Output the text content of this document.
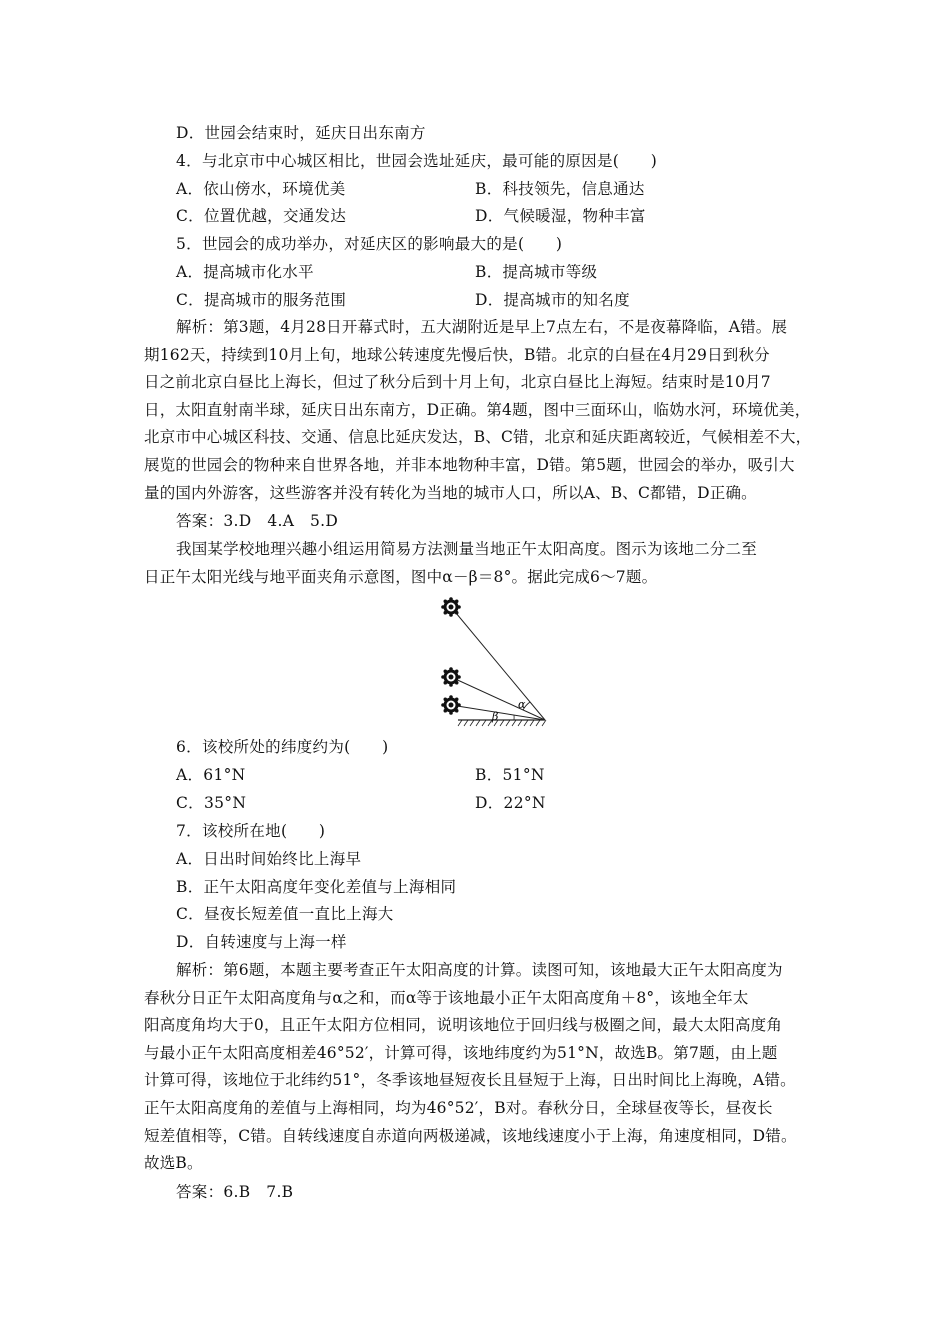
D．世园会结束时，延庆日出东南方
4．与北京市中心城区相比，世园会选址延庆，最可能的原因是(　　)
A．依山傍水，环境优美	B．科技领先，信息通达
C．位置优越，交通发达	D．气候暖湿，物种丰富
5．世园会的成功举办，对延庆区的影响最大的是(　　)
A．提高城市化水平	B．提高城市等级
C．提高城市的服务范围	D．提高城市的知名度
解析：第3题，4月28日开幕式时，五大湖附近是早上7点左右，不是夜幕降临，A错。展
期162天，持续到10月上旬，地球公转速度先慢后快，B错。北京的白昼在4月29日到秋分
日之前北京白昼比上海长，但过了秋分后到十月上旬，北京白昼比上海短。结束时是10月7
日，太阳直射南半球，延庆日出东南方，D正确。第4题，图中三面环山，临妫水河，环境优美，
北京市中心城区科技、交通、信息比延庆发达，B、C错，北京和延庆距离较近，气候相差不大，
展览的世园会的物种来自世界各地，并非本地物种丰富，D错。第5题，世园会的举办，吸引大
量的国内外游客，这些游客并没有转化为当地的城市人口，所以A、B、C都错，D正确。
答案：3.D　4.A　5.D
我国某学校地理兴趣小组运用简易方法测量当地正午太阳高度。图示为该地二分二至
日正午太阳光线与地平面夹角示意图，图中α－β＝8°。据此完成6～7题。
α
β
6．该校所处的纬度约为(　　)
A．61°N	B．51°N
C．35°N	D．22°N
7．该校所在地(　　)
A．日出时间始终比上海早
B．正午太阳高度年变化差值与上海相同
C．昼夜长短差值一直比上海大
D．自转速度与上海一样
解析：第6题，本题主要考查正午太阳高度的计算。读图可知，该地最大正午太阳高度为
春秋分日正午太阳高度角与α之和，而α等于该地最小正午太阳高度角＋8°，该地全年太
阳高度角均大于0，且正午太阳方位相同，说明该地位于回归线与极圈之间，最大太阳高度角
与最小正午太阳高度相差46°52′，计算可得，该地纬度约为51°N，故选B。第7题，由上题
计算可得，该地位于北纬约51°，冬季该地昼短夜长且昼短于上海，日出时间比上海晚，A错。
正午太阳高度角的差值与上海相同，均为46°52′，B对。春秋分日，全球昼夜等长，昼夜长
短差值相等，C错。自转线速度自赤道向两极递减，该地线速度小于上海，角速度相同，D错。
故选B。
答案：6.B　7.B
